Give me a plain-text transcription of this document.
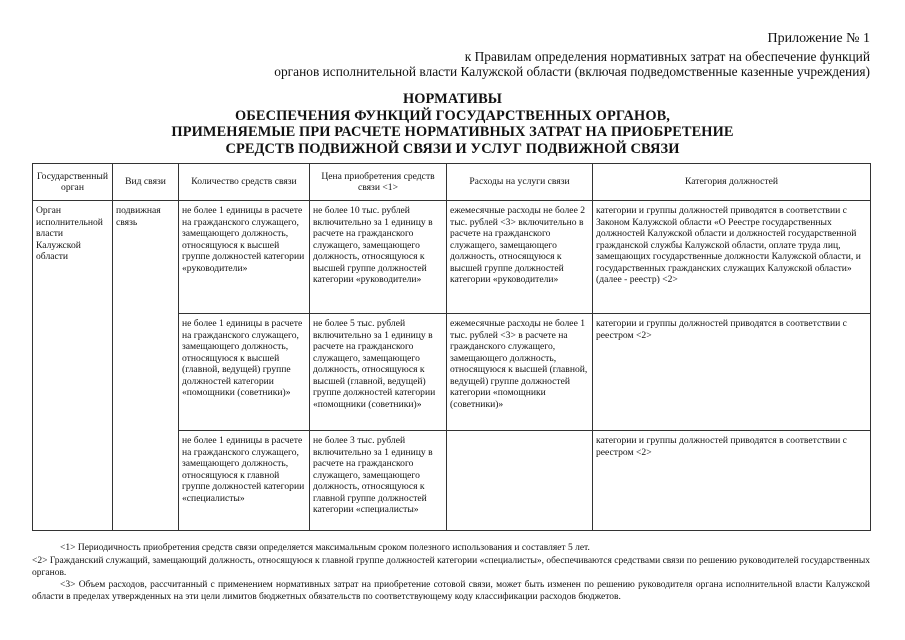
Приложение № 1
к Правилам определения нормативных затрат на обеспечение функций
органов исполнительной власти Калужской области (включая подведомственные казенные учреждения)
НОРМАТИВЫ
ОБЕСПЕЧЕНИЯ ФУНКЦИЙ ГОСУДАРСТВЕННЫХ ОРГАНОВ,
ПРИМЕНЯЕМЫЕ ПРИ РАСЧЕТЕ НОРМАТИВНЫХ ЗАТРАТ НА ПРИОБРЕТЕНИЕ
СРЕДСТВ ПОДВИЖНОЙ СВЯЗИ И УСЛУГ ПОДВИЖНОЙ СВЯЗИ
Государственный орган	Вид связи	Количество средств связи	Цена приобретения средств связи <1>	Расходы на услуги связи	Категория должностей
Орган исполнительной власти Калужской области	подвижная связь	не более 1 единицы в расчете на гражданского служащего, замещающего должность, относящуюся к высшей группе должностей категории «руководители»	не более 10 тыс. рублей включительно за 1 единицу в расчете на гражданского служащего, замещающего должность, относящуюся к высшей группе должностей категории «руководители»	ежемесячные расходы не более 2 тыс. рублей <3> включительно в расчете на гражданского служащего, замещающего должность, относящуюся к высшей группе должностей категории «руководители»	категории и группы должностей приводятся в соответствии с Законом Калужской области «О Реестре государственных должностей Калужской области и должностей государственной гражданской службы Калужской области, оплате труда лиц, замещающих государственные должности Калужской области, и государственных гражданских служащих Калужской области» (далее - реестр) <2>
		не более 1 единицы в расчете на гражданского служащего, замещающего должность, относящуюся к высшей (главной, ведущей) группе должностей категории «помощники (советники)»	не более 5 тыс. рублей включительно за 1 единицу в расчете на гражданского служащего, замещающего должность, относящуюся к высшей (главной, ведущей) группе должностей категории «помощники (советники)»	ежемесячные расходы не более 1 тыс. рублей <3> в расчете на гражданского служащего, замещающего должность, относящуюся к высшей (главной, ведущей) группе должностей категории «помощники (советники)»	категории и группы должностей приводятся в соответствии с реестром <2>
		не более 1 единицы в расчете на гражданского служащего, замещающего должность, относящуюся к главной группе должностей категории «специалисты»	не более 3 тыс. рублей включительно за 1 единицу в расчете на гражданского служащего, замещающего должность, относящуюся к главной группе должностей категории «специалисты»		категории и группы должностей приводятся в соответствии с реестром <2>
<1> Периодичность приобретения средств связи определяется максимальным сроком полезного использования и составляет 5 лет.
<2> Гражданский служащий, замещающий должность, относящуюся к главной группе должностей категории «специалисты», обеспечиваются средствами связи по решению руководителей государственных органов.
<3> Объем расходов, рассчитанный с применением нормативных затрат на приобретение сотовой связи, может быть изменен по решению руководителя органа исполнительной власти Калужской области в пределах утвержденных на эти цели лимитов бюджетных обязательств по соответствующему коду классификации расходов бюджетов.
